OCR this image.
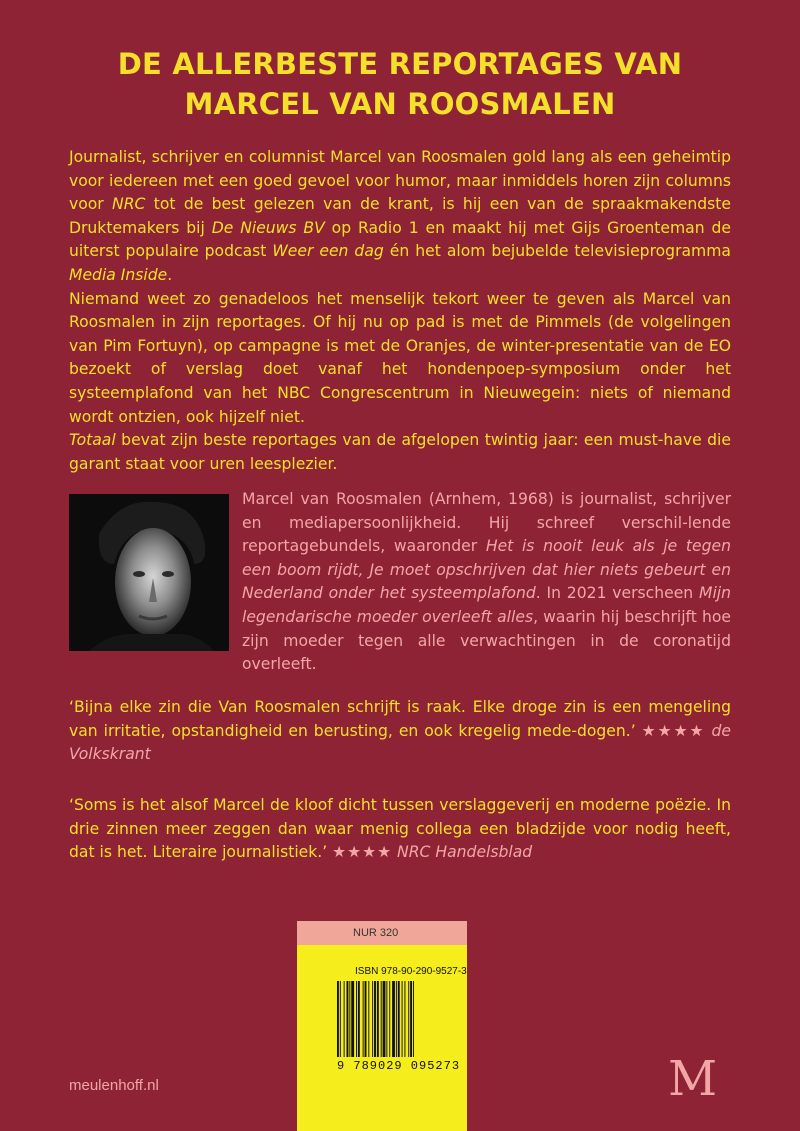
DE ALLERBESTE REPORTAGES VAN
MARCEL VAN ROOSMALEN

Journalist, schrijver en columnist Marcel van Roosmalen gold lang als een geheimtip voor iedereen met een goed gevoel voor humor, maar inmiddels horen zijn columns voor NRC tot de best gelezen van de krant, is hij een van de spraakmakendste Druktemakers bij De Nieuws BV op Radio 1 en maakt hij met Gijs Groenteman de uiterst populaire podcast Weer een dag én het alom bejubelde televisieprogramma Media Inside.

Niemand weet zo genadeloos het menselijk tekort weer te geven als Marcel van Roosmalen in zijn reportages. Of hij nu op pad is met de Pimmels (de volgelingen van Pim Fortuyn), op campagne is met de Oranjes, de winter-presentatie van de EO bezoekt of verslag doet vanaf het hondenpoep-symposium onder het systeemplafond van het NBC Congrescentrum in Nieuwegein: niets of niemand wordt ontzien, ook hijzelf niet.

Totaal bevat zijn beste reportages van de afgelopen twintig jaar: een must-have die garant staat voor uren leesplezier.

Marcel van Roosmalen (Arnhem, 1968) is journalist, schrijver en mediapersoonlijkheid. Hij schreef verschil-lende reportagebundels, waaronder Het is nooit leuk als je tegen een boom rijdt, Je moet opschrijven dat hier niets gebeurt en Nederland onder het systeemplafond. In 2021 verscheen Mijn legendarische moeder overleeft alles, waarin hij beschrijft hoe zijn moeder tegen alle verwachtingen in de coronatijd overleeft.

‘Bijna elke zin die Van Roosmalen schrijft is raak. Elke droge zin is een mengeling van irritatie, opstandigheid en berusting, en ook kregelig mede-dogen.’ ★★★★ de Volkskrant

‘Soms is het alsof Marcel de kloof dicht tussen verslaggeverij en moderne poëzie. In drie zinnen meer zeggen dan waar menig collega een bladzijde voor nodig heeft, dat is het. Literaire journalistiek.’ ★★★★ NRC Handelsblad

NUR 320
ISBN 978-90-290-9527-3
9 789029 095273
meulenhoff.nl	M
